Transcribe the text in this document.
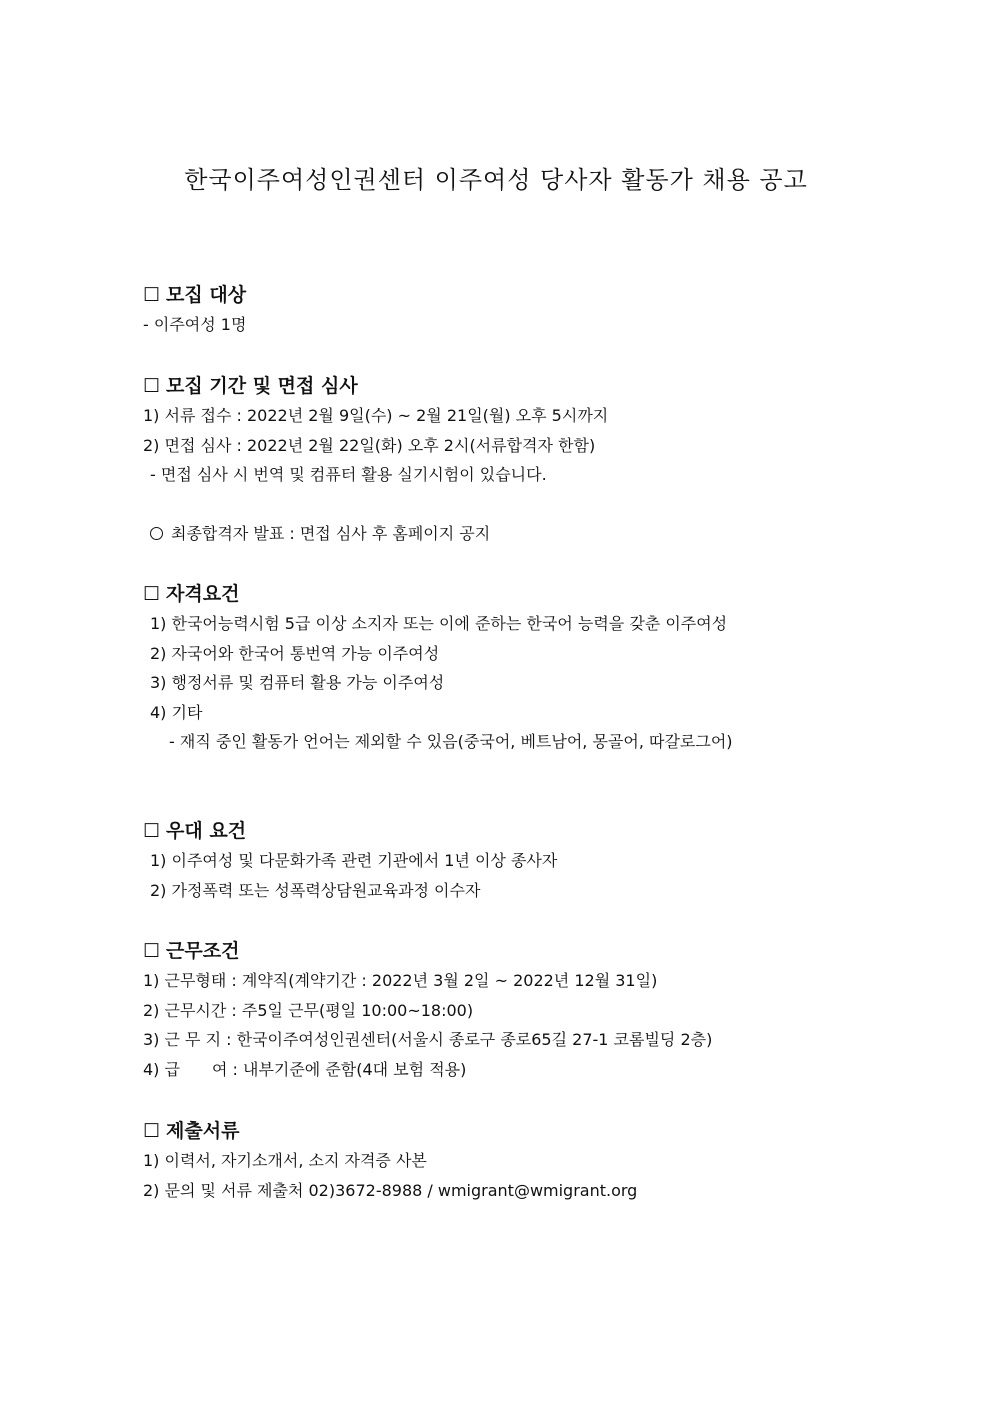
한국이주여성인권센터 이주여성 당사자 활동가 채용 공고
☐ 모집 대상
- 이주여성 1명
☐ 모집 기간 및 면접 심사
1) 서류 접수 : 2022년 2월 9일(수) ~ 2월 21일(월) 오후 5시까지
2) 면접 심사 : 2022년 2월 22일(화) 오후 2시(서류합격자 한함)
- 면접 심사 시 번역 및 컴퓨터 활용 실기시험이 있습니다.
최종합격자 발표 : 면접 심사 후 홈페이지 공지
☐ 자격요건
1) 한국어능력시험 5급 이상 소지자 또는 이에 준하는 한국어 능력을 갖춘 이주여성
2) 자국어와 한국어 통번역 가능 이주여성
3) 행정서류 및 컴퓨터 활용 가능 이주여성
4) 기타
- 재직 중인 활동가 언어는 제외할 수 있음(중국어, 베트남어, 몽골어, 따갈로그어)
☐ 우대 요건
1) 이주여성 및 다문화가족 관련 기관에서 1년 이상 종사자
2) 가정폭력 또는 성폭력상담원교육과정 이수자
☐ 근무조건
1) 근무형태 : 계약직(계약기간 : 2022년 3월 2일 ~ 2022년 12월 31일)
2) 근무시간 : 주5일 근무(평일 10:00~18:00)
3) 근 무 지 : 한국이주여성인권센터(서울시 종로구 종로65길 27-1 코롬빌딩 2층)
4) 급　　여 : 내부기준에 준함(4대 보험 적용)
☐ 제출서류
1) 이력서, 자기소개서, 소지 자격증 사본
2) 문의 및 서류 제출처 02)3672-8988 / wmigrant@wmigrant.org
